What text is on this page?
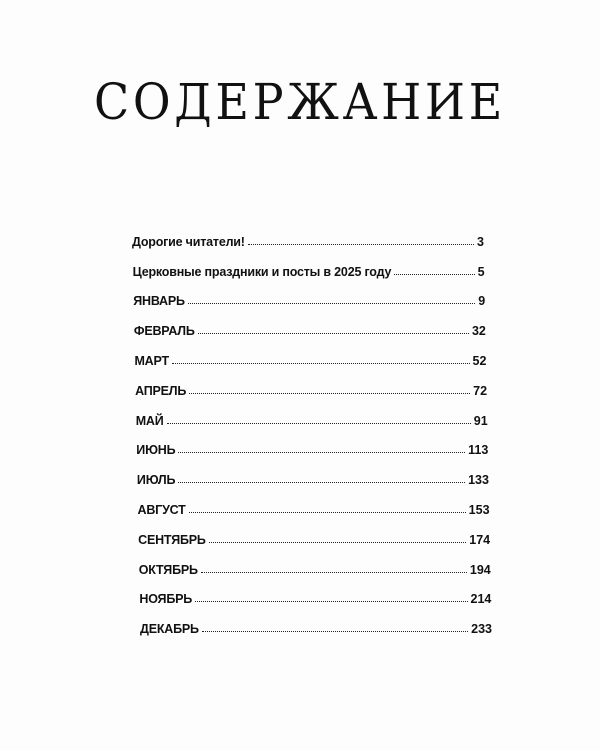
СОДЕРЖАНИЕ
Дорогие читатели!	3
Церковные праздники и посты в 2025 году	5
ЯНВАРЬ	9
ФЕВРАЛЬ	32
МАРТ	52
АПРЕЛЬ	72
МАЙ	91
ИЮНЬ	113
ИЮЛЬ	133
АВГУСТ	153
СЕНТЯБРЬ	174
ОКТЯБРЬ	194
НОЯБРЬ	214
ДЕКАБРЬ	233
